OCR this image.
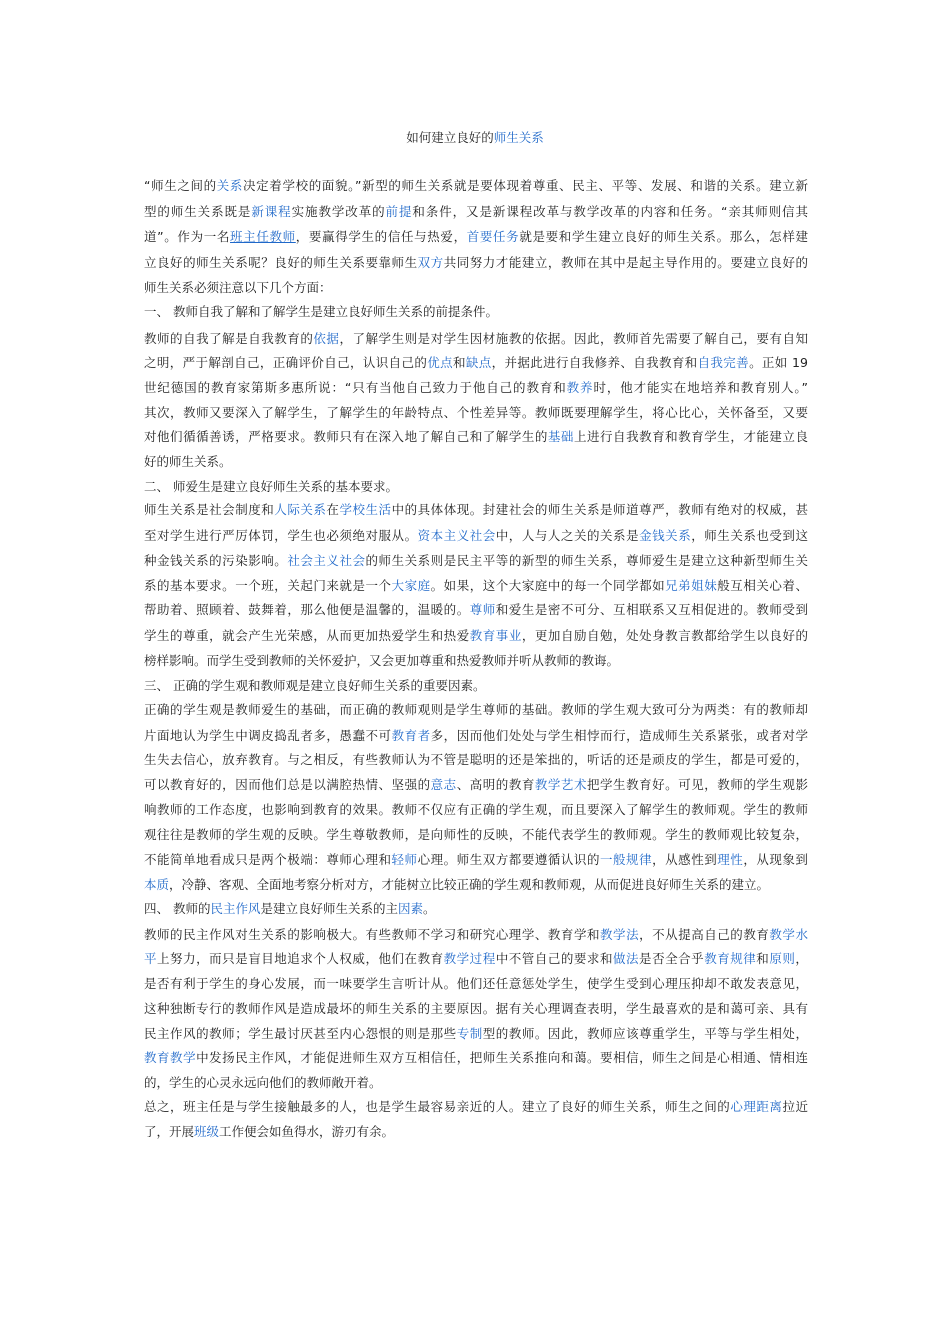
如何建立良好的师生关系
“师生之间的关系决定着学校的面貌。”新型的师生关系就是要体现着尊重、民主、平等、发展、和谐的关系。建立新
型的师生关系既是新课程实施教学改革的前提和条件，又是新课程改革与教学改革的内容和任务。“亲其师则信其
道”。作为一名班主任教师，要赢得学生的信任与热爱，首要任务就是要和学生建立良好的师生关系。那么，怎样建
立良好的师生关系呢？良好的师生关系要靠师生双方共同努力才能建立，教师在其中是起主导作用的。要建立良好的
师生关系必须注意以下几个方面：
一、 教师自我了解和了解学生是建立良好师生关系的前提条件。
教师的自我了解是自我教育的依据，了解学生则是对学生因材施教的依据。因此，教师首先需要了解自己，要有自知
之明，严于解剖自己，正确评价自己，认识自己的优点和缺点，并据此进行自我修养、自我教育和自我完善。正如 19
世纪德国的教育家第斯多惠所说：“只有当他自己致力于他自己的教育和教养时，他才能实在地培养和教育别人。”
其次，教师又要深入了解学生，了解学生的年龄特点、个性差异等。教师既要理解学生，将心比心，关怀备至，又要
对他们循循善诱，严格要求。教师只有在深入地了解自己和了解学生的基础上进行自我教育和教育学生，才能建立良
好的师生关系。
二、 师爱生是建立良好师生关系的基本要求。
师生关系是社会制度和人际关系在学校生活中的具体体现。封建社会的师生关系是师道尊严，教师有绝对的权威，甚
至对学生进行严厉体罚，学生也必须绝对服从。资本主义社会中，人与人之关的关系是金钱关系，师生关系也受到这
种金钱关系的污染影响。社会主义社会的师生关系则是民主平等的新型的师生关系，尊师爱生是建立这种新型师生关
系的基本要求。一个班，关起门来就是一个大家庭。如果，这个大家庭中的每一个同学都如兄弟姐妹般互相关心着、
帮助着、照顾着、鼓舞着，那么他便是温馨的，温暖的。尊师和爱生是密不可分、互相联系又互相促进的。教师受到
学生的尊重，就会产生光荣感，从而更加热爱学生和热爱教育事业，更加自励自勉，处处身教言教都给学生以良好的
榜样影响。而学生受到教师的关怀爱护，又会更加尊重和热爱教师并听从教师的教诲。
三、 正确的学生观和教师观是建立良好师生关系的重要因素。
正确的学生观是教师爱生的基础，而正确的教师观则是学生尊师的基础。教师的学生观大致可分为两类：有的教师却
片面地认为学生中调皮捣乱者多，愚蠢不可教育者多，因而他们处处与学生相悖而行，造成师生关系紧张，或者对学
生失去信心，放弃教育。与之相反，有些教师认为不管是聪明的还是笨拙的，听话的还是顽皮的学生，都是可爱的，
可以教育好的，因而他们总是以满腔热情、坚强的意志、高明的教育教学艺术把学生教育好。可见，教师的学生观影
响教师的工作态度，也影响到教育的效果。教师不仅应有正确的学生观，而且要深入了解学生的教师观。学生的教师
观往往是教师的学生观的反映。学生尊敬教师，是向师性的反映，不能代表学生的教师观。学生的教师观比较复杂，
不能简单地看成只是两个极端：尊师心理和轻师心理。师生双方都要遵循认识的一般规律，从感性到理性，从现象到
本质，冷静、客观、全面地考察分析对方，才能树立比较正确的学生观和教师观，从而促进良好师生关系的建立。
四、 教师的民主作风是建立良好师生关系的主因素。
教师的民主作风对生关系的影响极大。有些教师不学习和研究心理学、教育学和教学法，不从提高自己的教育教学水
平上努力，而只是盲目地追求个人权威，他们在教育教学过程中不管自己的要求和做法是否全合乎教育规律和原则，
是否有利于学生的身心发展，而一味要学生言听计从。他们还任意惩处学生，使学生受到心理压抑却不敢发表意见，
这种独断专行的教师作风是造成最坏的师生关系的主要原因。据有关心理调查表明，学生最喜欢的是和蔼可亲、具有
民主作风的教师；学生最讨厌甚至内心怨恨的则是那些专制型的教师。因此，教师应该尊重学生，平等与学生相处，
教育教学中发扬民主作风，才能促进师生双方互相信任，把师生关系推向和蔼。要相信，师生之间是心相通、情相连
的，学生的心灵永远向他们的教师敞开着。
总之，班主任是与学生接触最多的人，也是学生最容易亲近的人。建立了良好的师生关系，师生之间的心理距离拉近
了，开展班级工作便会如鱼得水，游刃有余。
